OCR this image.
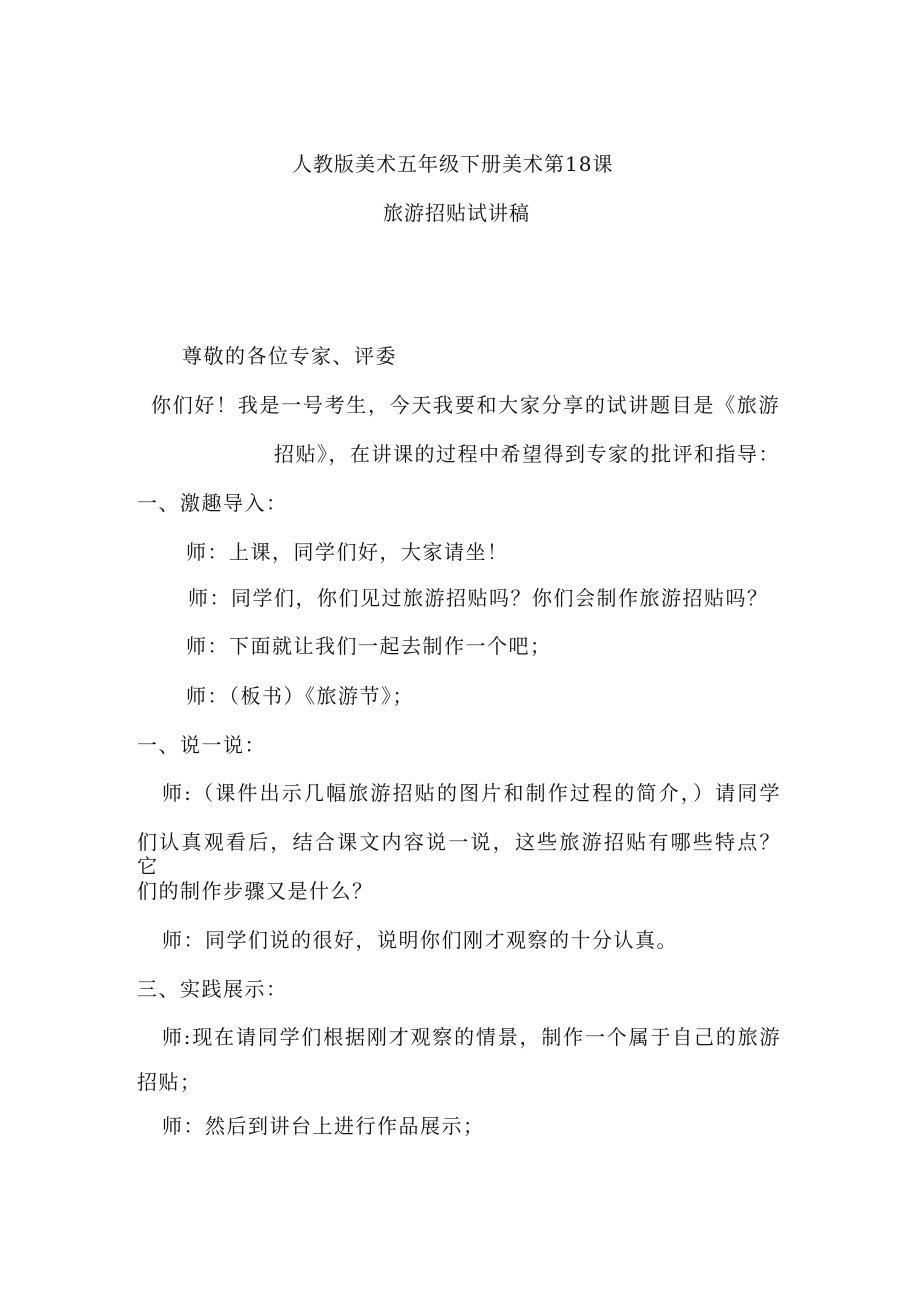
人教版美术五年级下册美术第18课
旅游招贴试讲稿
尊敬的各位专家、评委
你们好！我是一号考生，今天我要和大家分享的试讲题目是《旅游
招贴》，在讲课的过程中希望得到专家的批评和指导：
一、激趣导入：
师：上课，同学们好，大家请坐！
师：同学们，你们见过旅游招贴吗？你们会制作旅游招贴吗？
师：下面就让我们一起去制作一个吧；
师：（板书）《旅游节》；
一、说一说：
师:（课件出示几幅旅游招贴的图片和制作过程的简介，）请同学
们认真观看后，结合课文内容说一说，这些旅游招贴有哪些特点？它
们的制作步骤又是什么？
师：同学们说的很好，说明你们刚才观察的十分认真。
三、实践展示：
师:现在请同学们根据刚才观察的情景，制作一个属于自己的旅游
招贴；
师：然后到讲台上进行作品展示；
